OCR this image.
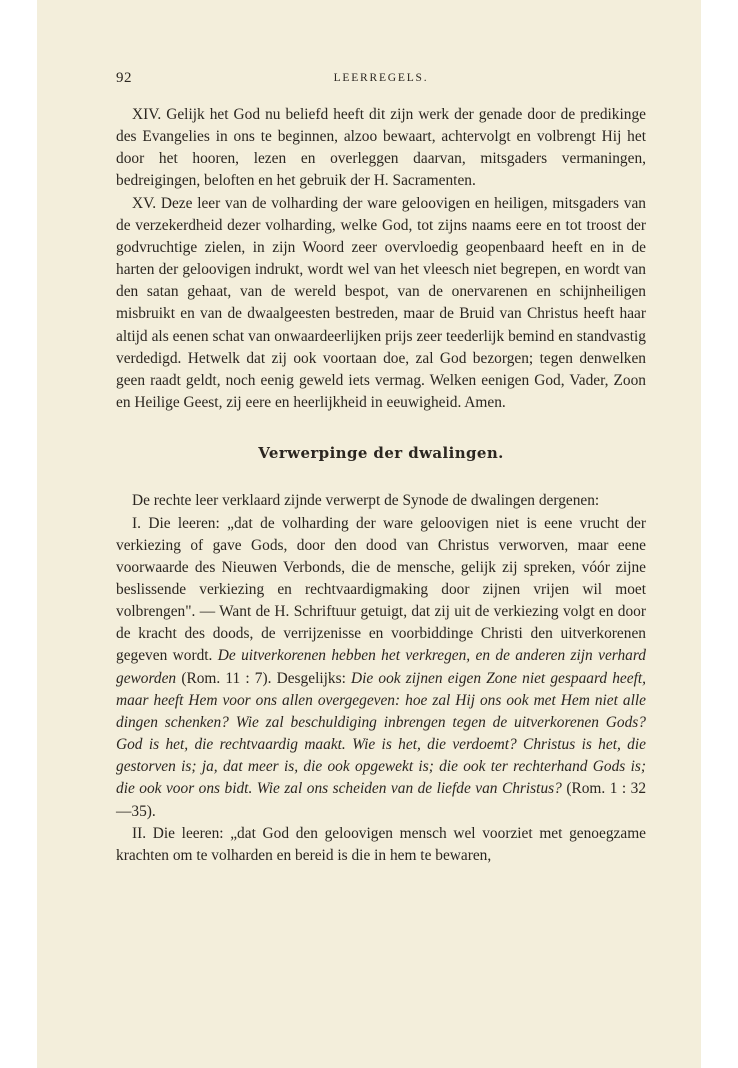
92	LEERREGELS.

XIV. Gelijk het God nu beliefd heeft dit zijn werk der genade door de predikinge des Evangelies in ons te beginnen, alzoo bewaart, achtervolgt en volbrengt Hij het door het hooren, lezen en overleggen daarvan, mitsgaders vermaningen, bedreigingen, beloften en het gebruik der H. Sacramenten.

XV. Deze leer van de volharding der ware geloovigen en heiligen, mitsgaders van de verzekerdheid dezer volharding, welke God, tot zijns naams eere en tot troost der godvruchtige zielen, in zijn Woord zeer overvloedig geopenbaard heeft en in de harten der geloovigen indrukt, wordt wel van het vleesch niet begrepen, en wordt van den satan gehaat, van de wereld bespot, van de onervarenen en schijnheiligen misbruikt en van de dwaalgeesten bestreden, maar de Bruid van Christus heeft haar altijd als eenen schat van onwaardeerlijken prijs zeer teederlijk bemind en standvastig verdedigd. Hetwelk dat zij ook voortaan doe, zal God bezorgen; tegen denwelken geen raadt geldt, noch eenig geweld iets vermag. Welken eenigen God, Vader, Zoon en Heilige Geest, zij eere en heerlijkheid in eeuwigheid. Amen.

Verwerpinge der dwalingen.

De rechte leer verklaard zijnde verwerpt de Synode de dwalingen dergenen:

I. Die leeren: „dat de volharding der ware geloovigen niet is eene vrucht der verkiezing of gave Gods, door den dood van Christus verworven, maar eene voorwaarde des Nieuwen Verbonds, die de mensche, gelijk zij spreken, vóór zijne beslissende verkiezing en rechtvaardigmaking door zijnen vrijen wil moet volbrengen". — Want de H. Schriftuur getuigt, dat zij uit de verkiezing volgt en door de kracht des doods, de verrijzenisse en voorbiddinge Christi den uitverkorenen gegeven wordt. De uitverkorenen hebben het verkregen, en de anderen zijn verhard geworden (Rom. 11 : 7). Desgelijks: Die ook zijnen eigen Zone niet gespaard heeft, maar heeft Hem voor ons allen overgegeven: hoe zal Hij ons ook met Hem niet alle dingen schenken? Wie zal beschuldiging inbrengen tegen de uitverkorenen Gods? God is het, die rechtvaardig maakt. Wie is het, die verdoemt? Christus is het, die gestorven is; ja, dat meer is, die ook opgewekt is; die ook ter rechterhand Gods is; die ook voor ons bidt. Wie zal ons scheiden van de liefde van Christus? (Rom. 1 : 32—35).

II. Die leeren: „dat God den geloovigen mensch wel voorziet met genoegzame krachten om te volharden en bereid is die in hem te bewaren,
